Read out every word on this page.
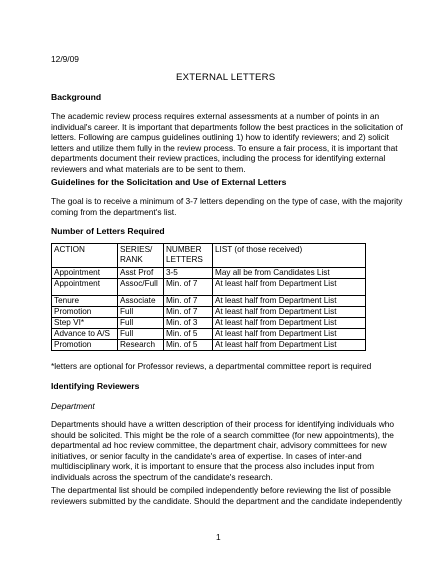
12/9/09
EXTERNAL LETTERS
Background
The academic review process requires external assessments at a number of points in an
individual's career. It is important that departments follow the best practices in the solicitation of
letters. Following are campus guidelines outlining 1) how to identify reviewers; and 2) solicit
letters and utilize them fully in the review process. To ensure a fair process, it is important that
departments document their review practices, including the process for identifying external
reviewers and what materials are to be sent to them.
Guidelines for the Solicitation and Use of External Letters
The goal is to receive a minimum of 3-7 letters depending on the type of case, with the majority
coming from the department's list.
Number of Letters Required
ACTION	SERIES/ RANK	NUMBER LETTERS	LIST (of those received)
Appointment	Asst Prof	3-5	May all be from Candidates List
Appointment	Assoc/Full	Min. of 7	At least half from Department List
Tenure	Associate	Min. of 7	At least half from Department List
Promotion	Full	Min. of 7	At least half from Department List
Step VI*	Full	Min. of 3	At least half from Department List
Advance to A/S	Full	Min. of 5	At least half from Department List
Promotion	Research	Min. of 5	At least half from Department List
*letters are optional for Professor reviews, a departmental committee report is required
Identifying Reviewers
Department
Departments should have a written description of their process for identifying individuals who
should be solicited. This might be the role of a search committee (for new appointments), the
departmental ad hoc review committee, the department chair, advisory committees for new
initiatives, or senior faculty in the candidate's area of expertise. In cases of inter-and
multidisciplinary work, it is important to ensure that the process also includes input from
individuals across the spectrum of the candidate's research.
The departmental list should be compiled independently before reviewing the list of possible
reviewers submitted by the candidate. Should the department and the candidate independently
1
